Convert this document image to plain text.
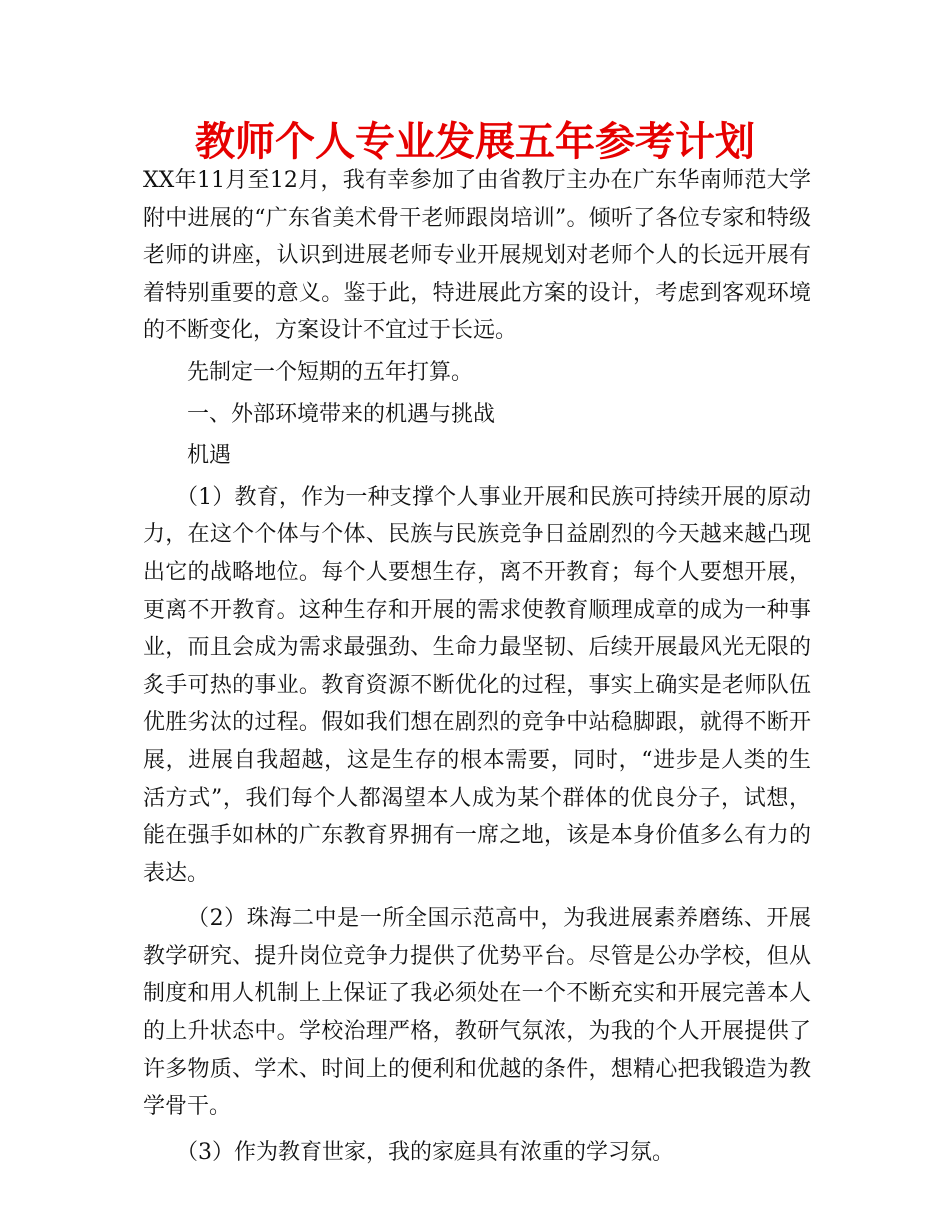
教师个人专业发展五年参考计划

XX年11月至12月，我有幸参加了由省教厅主办在广东华南师范大学附中进展的“广东省美术骨干老师跟岗培训”。倾听了各位专家和特级老师的讲座，认识到进展老师专业开展规划对老师个人的长远开展有着特别重要的意义。鉴于此，特进展此方案的设计，考虑到客观环境的不断变化，方案设计不宜过于长远。

先制定一个短期的五年打算。

一、外部环境带来的机遇与挑战

机遇

（1）教育，作为一种支撑个人事业开展和民族可持续开展的原动力，在这个个体与个体、民族与民族竞争日益剧烈的今天越来越凸现出它的战略地位。每个人要想生存，离不开教育；每个人要想开展，更离不开教育。这种生存和开展的需求使教育顺理成章的成为一种事业，而且会成为需求最强劲、生命力最坚韧、后续开展最风光无限的炙手可热的事业。教育资源不断优化的过程，事实上确实是老师队伍优胜劣汰的过程。假如我们想在剧烈的竞争中站稳脚跟，就得不断开展，进展自我超越，这是生存的根本需要，同时，“进步是人类的生活方式”，我们每个人都渴望本人成为某个群体的优良分子，试想，能在强手如林的广东教育界拥有一席之地，该是本身价值多么有力的表达。

（2）珠海二中是一所全国示范高中，为我进展素养磨练、开展教学研究、提升岗位竞争力提供了优势平台。尽管是公办学校，但从制度和用人机制上上保证了我必须处在一个不断充实和开展完善本人的上升状态中。学校治理严格，教研气氛浓，为我的个人开展提供了许多物质、学术、时间上的便利和优越的条件，想精心把我锻造为教学骨干。

（3）作为教育世家，我的家庭具有浓重的学习氛。
